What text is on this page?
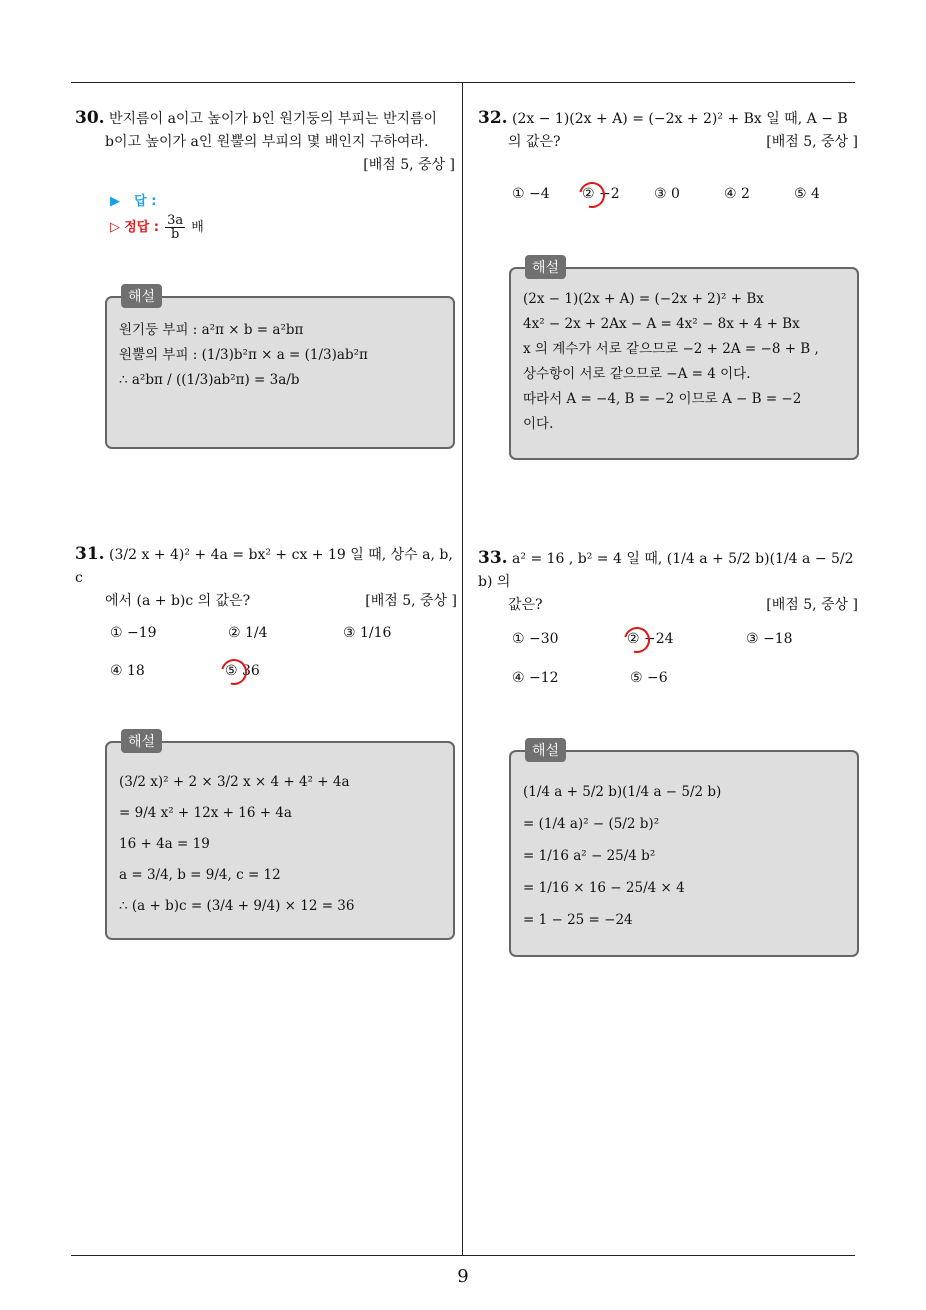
9
30. 반지름이 a이고 높이가 b인 원기둥의 부피는 반지름이
b이고 높이가 a인 원뿔의 부피의 몇 배인지 구하여라.
[배점 5, 중상 ]
▶ 답 :
▷ 정답 : $\frac{3a}{b}$ 배
해설
원기둥 부피 : a²π × b = a²bπ
원뿔의 부피 : (1/3)b²π × a = (1/3)ab²π
∴ a²bπ / ((1/3)ab²π) = 3a/b
32. (2x − 1)(2x + A) = (−2x + 2)² + Bx 일 때, A − B
의 값은?	[배점 5, 중상 ]
① −4 ② −2 ③ 0	④ 2	⑤ 4
해설
(2x − 1)(2x + A) = (−2x + 2)² + Bx
4x² − 2x + 2Ax − A = 4x² − 8x + 4 + Bx
x 의 계수가 서로 같으므로 −2 + 2A = −8 + B ,
상수항이 서로 같으므로 −A = 4 이다.
따라서 A = −4, B = −2 이므로 A − B = −2
이다.
31. (3/2 x + 4)² + 4a = bx² + cx + 19 일 때, 상수 a, b, c
에서 (a + b)c 의 값은?	[배점 5, 중상 ]
① −19	② 1/4	③ 1/16
④ 18	⑤ 36
해설
(3/2 x)² + 2 × 3/2 x × 4 + 4² + 4a
= 9/4 x² + 12x + 16 + 4a
16 + 4a = 19
a = 3/4, b = 9/4, c = 12
∴ (a + b)c = (3/4 + 9/4) × 12 = 36
33. a² = 16 , b² = 4 일 때, (1/4 a + 5/2 b)(1/4 a − 5/2 b) 의
값은?	[배점 5, 중상 ]
① −30	② −24	③ −18
④ −12	⑤ −6
해설
(1/4 a + 5/2 b)(1/4 a − 5/2 b)
= (1/4 a)² − (5/2 b)²
= 1/16 a² − 25/4 b²
= 1/16 × 16 − 25/4 × 4
= 1 − 25 = −24
